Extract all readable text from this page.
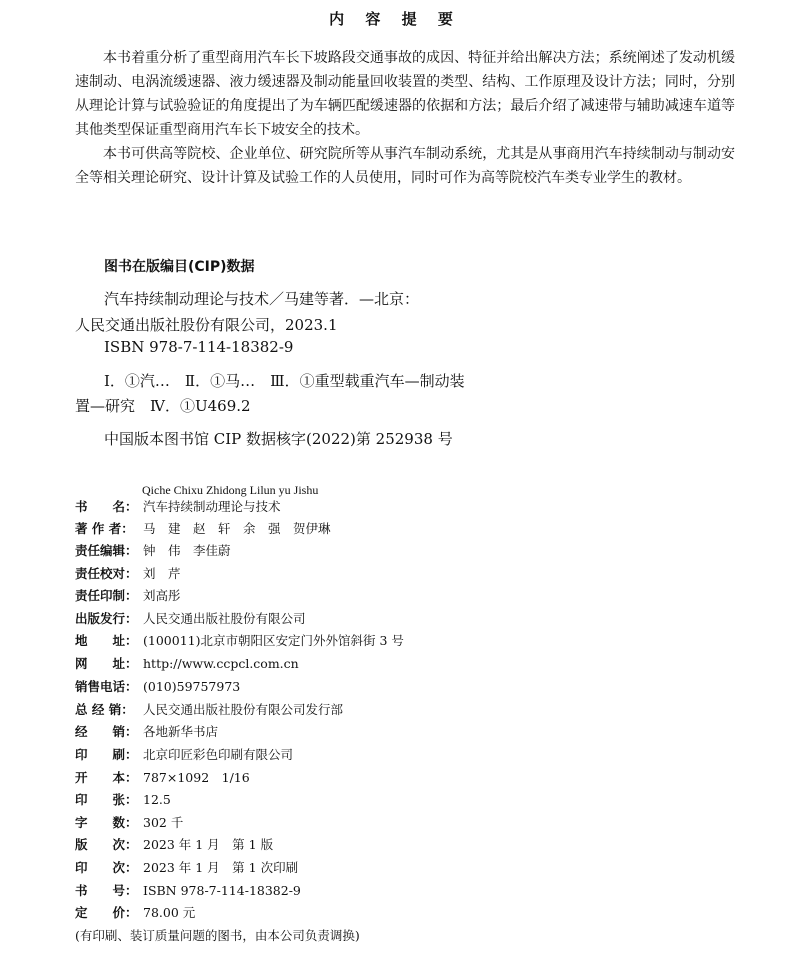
内 容 提 要

本书着重分析了重型商用汽车长下坡路段交通事故的成因、特征并给出解决方法；系统阐述了发动机缓速制动、电涡流缓速器、液力缓速器及制动能量回收装置的类型、结构、工作原理及设计方法；同时，分别从理论计算与试验验证的角度提出了为车辆匹配缓速器的依据和方法；最后介绍了减速带与辅助减速车道等其他类型保证重型商用汽车长下坡安全的技术。

本书可供高等院校、企业单位、研究院所等从事汽车制动系统，尤其是从事商用汽车持续制动与制动安全等相关理论研究、设计计算及试验工作的人员使用，同时可作为高等院校汽车类专业学生的教材。

图书在版编目(CIP)数据
汽车持续制动理论与技术／马建等著．—北京：
人民交通出版社股份有限公司，2023.1
ISBN 978-7-114-18382-9
Ⅰ．①汽…　Ⅱ．①马…　Ⅲ．①重型载重汽车—制动装
置—研究　Ⅳ．①U469.2
中国版本图书馆 CIP 数据核字(2022)第 252938 号
Qiche Chixu Zhidong Lilun yu Jishu
书　　名： 汽车持续制动理论与技术
著 作 者： 马　建　赵　轩　余　强　贺伊琳
责任编辑： 钟　伟　李佳蔚
责任校对： 刘　芹
责任印制： 刘高彤
出版发行： 人民交通出版社股份有限公司
地　　址： (100011)北京市朝阳区安定门外外馆斜街 3 号
网　　址： http://www.ccpcl.com.cn
销售电话： (010)59757973
总 经 销： 人民交通出版社股份有限公司发行部
经　　销： 各地新华书店
印　　刷： 北京印匠彩色印刷有限公司
开　　本： 787×1092　1/16
印　　张： 12.5
字　　数： 302 千
版　　次： 2023 年 1 月　第 1 版
印　　次： 2023 年 1 月　第 1 次印刷
书　　号： ISBN 978-7-114-18382-9
定　　价： 78.00 元
(有印刷、装订质量问题的图书，由本公司负责调换)
